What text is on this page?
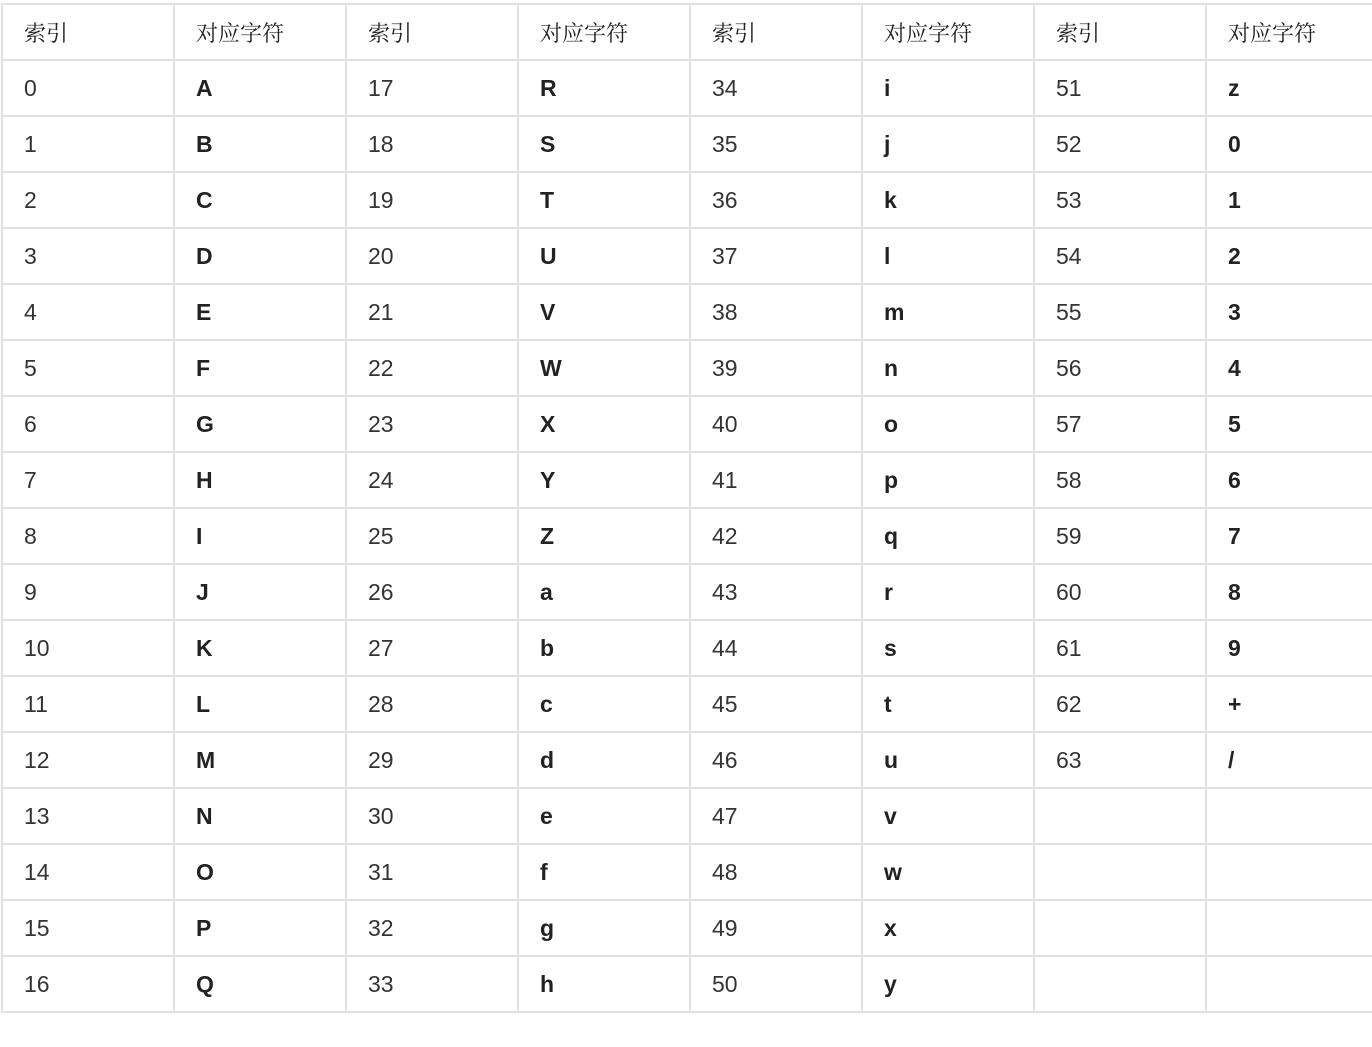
索引	对应字符	索引	对应字符	索引	对应字符	索引	对应字符
0	A	17	R	34	i	51	z
1	B	18	S	35	j	52	0
2	C	19	T	36	k	53	1
3	D	20	U	37	l	54	2
4	E	21	V	38	m	55	3
5	F	22	W	39	n	56	4
6	G	23	X	40	o	57	5
7	H	24	Y	41	p	58	6
8	I	25	Z	42	q	59	7
9	J	26	a	43	r	60	8
10	K	27	b	44	s	61	9
11	L	28	c	45	t	62	+
12	M	29	d	46	u	63	/
13	N	30	e	47	v		
14	O	31	f	48	w		
15	P	32	g	49	x		
16	Q	33	h	50	y		
